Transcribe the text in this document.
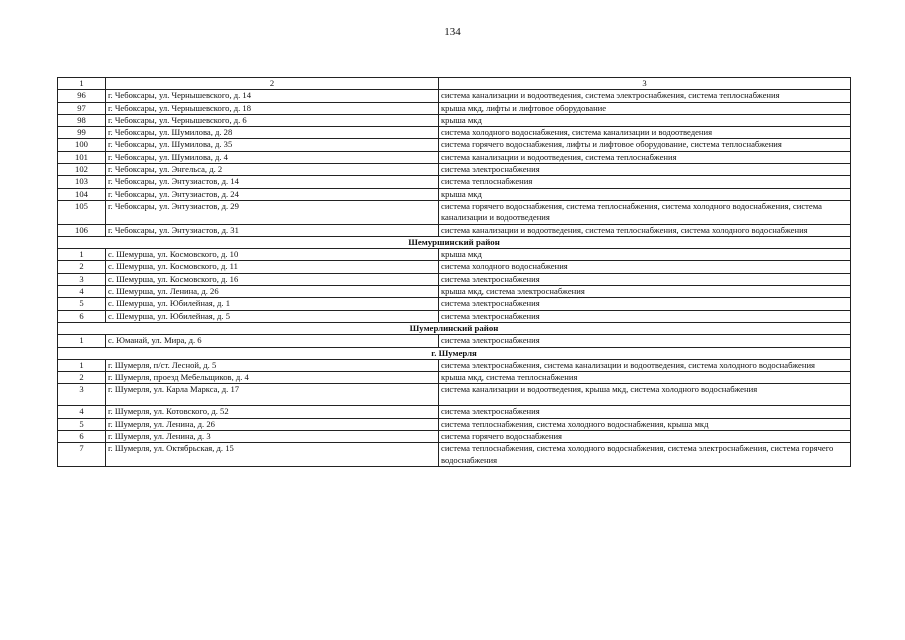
134
1	2	3
96	г. Чебоксары, ул. Чернышевского, д. 14	система канализации и водоотведения, система электроснабжения, система теплоснабжения
97	г. Чебоксары, ул. Чернышевского, д. 18	крыша мкд, лифты и лифтовое оборудование
98	г. Чебоксары, ул. Чернышевского, д. 6	крыша мкд
99	г. Чебоксары, ул. Шумилова, д. 28	система холодного водоснабжения, система канализации и водоотведения
100	г. Чебоксары, ул. Шумилова, д. 35	система горячего водоснабжения, лифты и лифтовое оборудование, система теплоснабжения
101	г. Чебоксары, ул. Шумилова, д. 4	система канализации и водоотведения, система теплоснабжения
102	г. Чебоксары, ул. Энгельса, д. 2	система электроснабжения
103	г. Чебоксары, ул. Энтузиастов, д. 14	система теплоснабжения
104	г. Чебоксары, ул. Энтузиастов, д. 24	крыша мкд
105	г. Чебоксары, ул. Энтузиастов, д. 29	система горячего водоснабжения, система теплоснабжения, система холодного водоснабжения, система канализации и водоотведения
106	г. Чебоксары, ул. Энтузиастов, д. 31	система канализации и водоотведения, система теплоснабжения, система холодного водоснабжения
Шемуршинский район		
1	с. Шемурша, ул. Космовского, д. 10	крыша мкд
2	с. Шемурша, ул. Космовского, д. 11	система холодного водоснабжения
3	с. Шемурша, ул. Космовского, д. 16	система электроснабжения
4	с. Шемурша, ул. Ленина, д. 26	крыша мкд, система электроснабжения
5	с. Шемурша, ул. Юбилейная, д. 1	система электроснабжения
6	с. Шемурша, ул. Юбилейная, д. 5	система электроснабжения
Шумерлинский район		
1	с. Юманай, ул. Мира, д. 6	система электроснабжения
г. Шумерля		
1	г. Шумерля, п/ст. Лесной, д. 5	система электроснабжения, система канализации и водоотведения, система холодного водоснабжения
2	г. Шумерля, проезд Мебельщиков, д. 4	крыша мкд, система теплоснабжения
3	г. Шумерля, ул. Карла Маркса, д. 17	система канализации и водоотведения, крыша мкд, система холодного водоснабжения
4	г. Шумерля, ул. Котовского, д. 52	система электроснабжения
5	г. Шумерля, ул. Ленина, д. 26	система теплоснабжения, система холодного водоснабжения, крыша мкд
6	г. Шумерля, ул. Ленина, д. 3	система горячего водоснабжения
7	г. Шумерля, ул. Октябрьская, д. 15	система теплоснабжения, система холодного водоснабжения, система электроснабжения, система горячего водоснабжения
